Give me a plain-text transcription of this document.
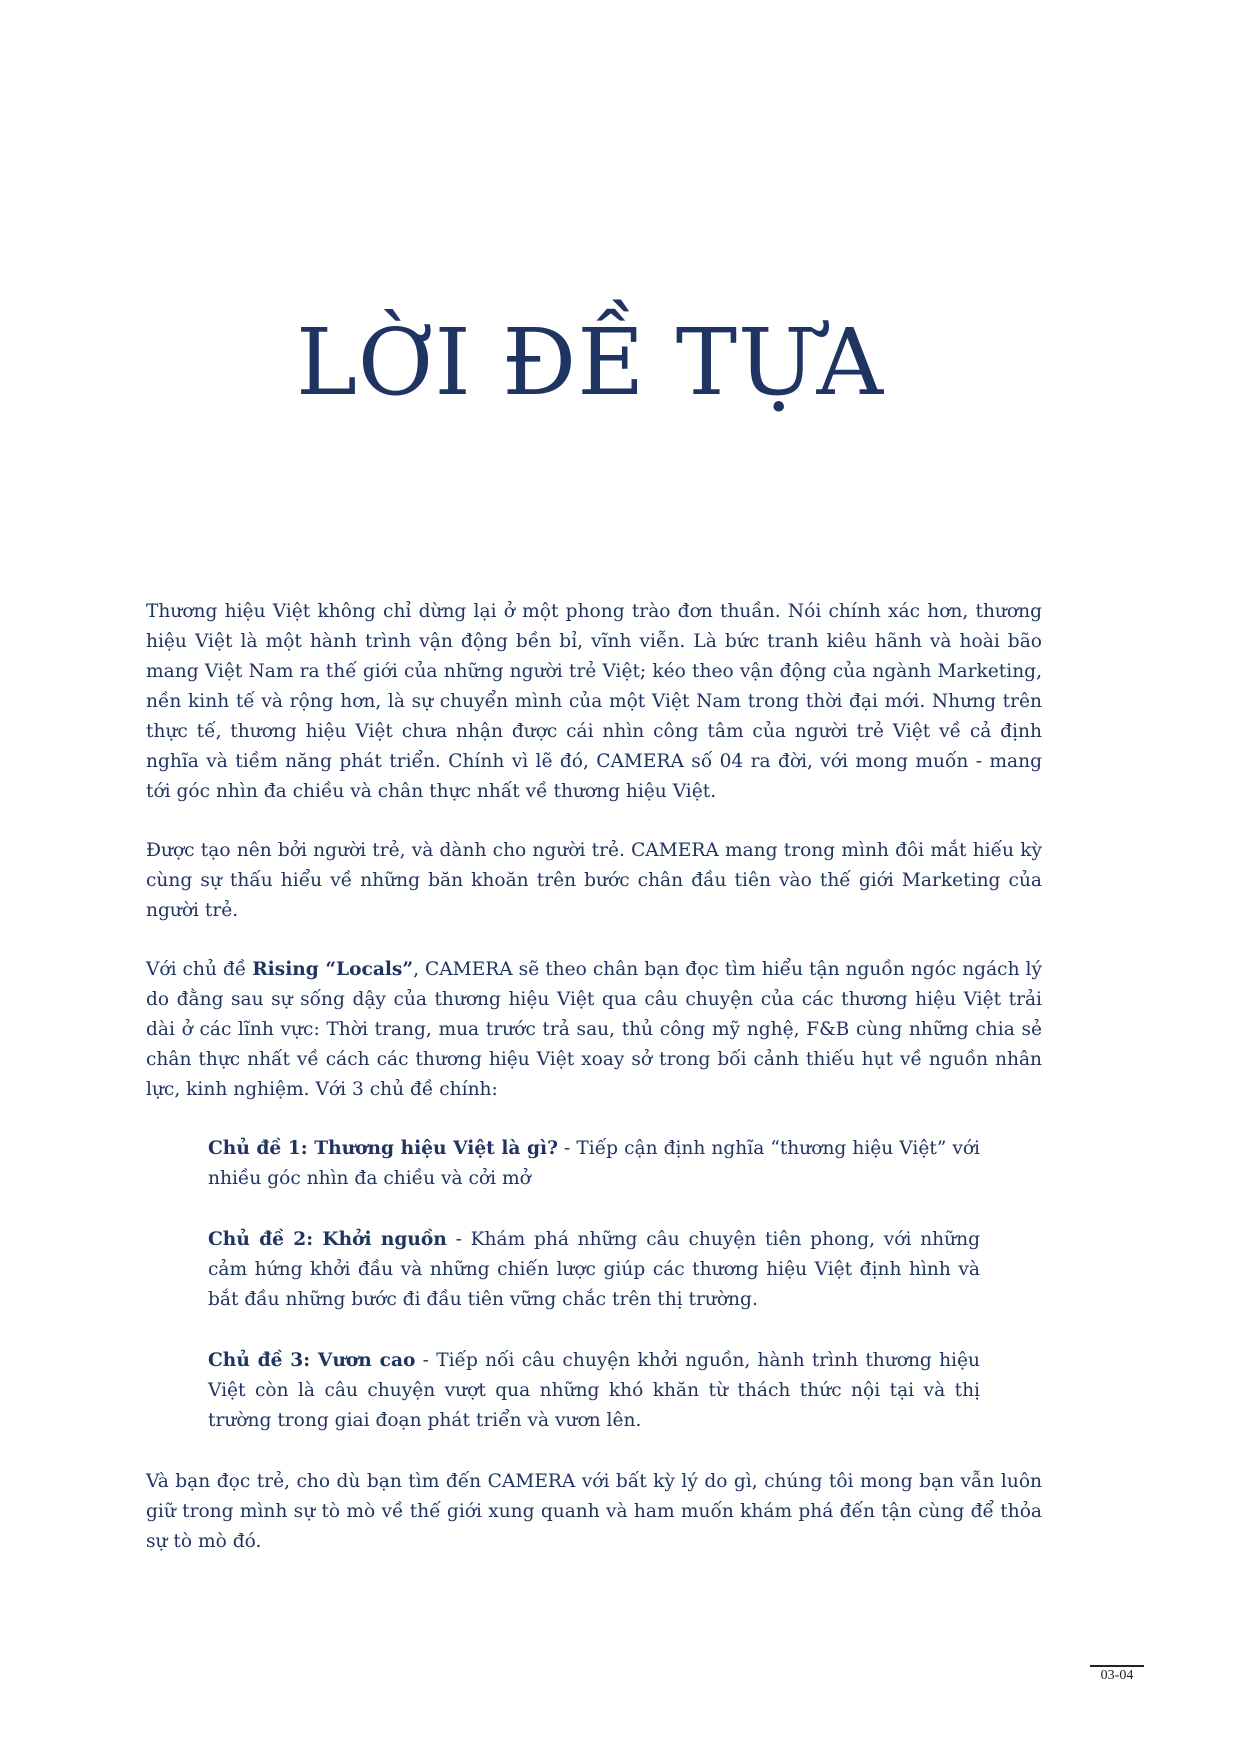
LỜI ĐỀ TỰA

Thương hiệu Việt không chỉ dừng lại ở một phong trào đơn thuần. Nói chính xác hơn, thương hiệu Việt là một hành trình vận động bền bỉ, vĩnh viễn. Là bức tranh kiêu hãnh và hoài bão mang Việt Nam ra thế giới của những người trẻ Việt; kéo theo vận động của ngành Marketing, nền kinh tế và rộng hơn, là sự chuyển mình của một Việt Nam trong thời đại mới. Nhưng trên thực tế, thương hiệu Việt chưa nhận được cái nhìn công tâm của người trẻ Việt về cả định nghĩa và tiềm năng phát triển. Chính vì lẽ đó, CAMERA số 04 ra đời, với mong muốn - mang tới góc nhìn đa chiều và chân thực nhất về thương hiệu Việt.

Được tạo nên bởi người trẻ, và dành cho người trẻ. CAMERA mang trong mình đôi mắt hiếu kỳ cùng sự thấu hiểu về những băn khoăn trên bước chân đầu tiên vào thế giới Marketing của người trẻ.

Với chủ đề Rising “Locals”, CAMERA sẽ theo chân bạn đọc tìm hiểu tận nguồn ngóc ngách lý do đằng sau sự sống dậy của thương hiệu Việt qua câu chuyện của các thương hiệu Việt trải dài ở các lĩnh vực: Thời trang, mua trước trả sau, thủ công mỹ nghệ, F&B cùng những chia sẻ chân thực nhất về cách các thương hiệu Việt xoay sở trong bối cảnh thiếu hụt về nguồn nhân lực, kinh nghiệm. Với 3 chủ đề chính:

Chủ đề 1: Thương hiệu Việt là gì? - Tiếp cận định nghĩa “thương hiệu Việt” với nhiều góc nhìn đa chiều và cởi mở

Chủ đề 2: Khởi nguồn - Khám phá những câu chuyện tiên phong, với những cảm hứng khởi đầu và những chiến lược giúp các thương hiệu Việt định hình và bắt đầu những bước đi đầu tiên vững chắc trên thị trường.

Chủ đề 3: Vươn cao - Tiếp nối câu chuyện khởi nguồn, hành trình thương hiệu Việt còn là câu chuyện vượt qua những khó khăn từ thách thức nội tại và thị trường trong giai đoạn phát triển và vươn lên.

Và bạn đọc trẻ, cho dù bạn tìm đến CAMERA với bất kỳ lý do gì, chúng tôi mong bạn vẫn luôn giữ trong mình sự tò mò về thế giới xung quanh và ham muốn khám phá đến tận cùng để thỏa sự tò mò đó.

03-04
